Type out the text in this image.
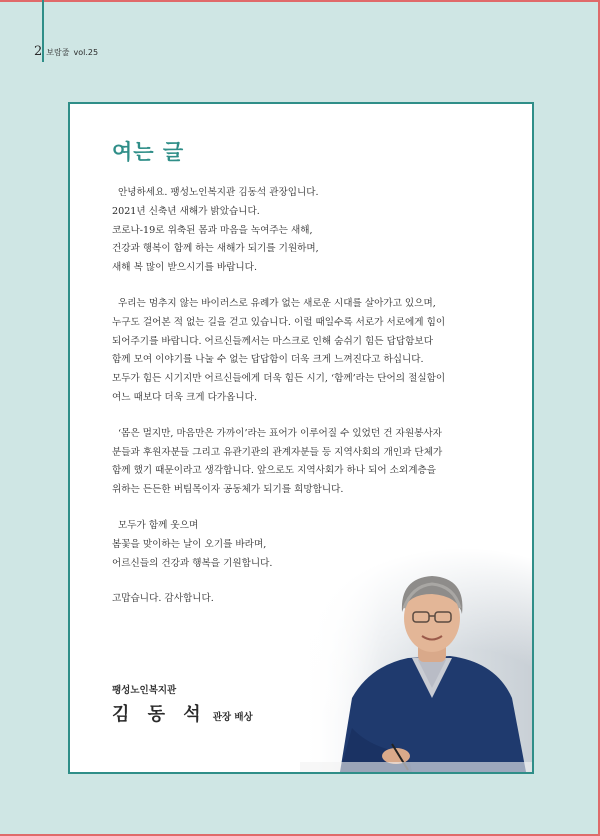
2 보람줄 vol.25
여는 글
안녕하세요. 팽성노인복지관 김동석 관장입니다.
2021년 신축년 새해가 밝았습니다.
코로나-19로 위축된 몸과 마음을 녹여주는 새해,
건강과 행복이 함께 하는 새해가 되기를 기원하며,
새해 복 많이 받으시기를 바랍니다.
우리는 멈추지 않는 바이러스로 유례가 없는 새로운 시대를 살아가고 있으며,
누구도 걸어본 적 없는 길을 걷고 있습니다. 이럴 때일수록 서로가 서로에게 힘이
되어주기를 바랍니다. 어르신들께서는 마스크로 인해 숨쉬기 힘든 답답함보다
함께 모여 이야기를 나눌 수 없는 답답함이 더욱 크게 느껴진다고 하십니다.
모두가 힘든 시기지만 어르신들에게 더욱 힘든 시기, ‘함께’라는 단어의 절실함이
여느 때보다 더욱 크게 다가옵니다.
‘몸은 멀지만, 마음만은 가까이’라는 표어가 이루어질 수 있었던 건 자원봉사자
분들과 후원자분들 그리고 유관기관의 관계자분들 등 지역사회의 개인과 단체가
함께 했기 때문이라고 생각합니다. 앞으로도 지역사회가 하나 되어 소외계층을
위하는 든든한 버팀목이자 공동체가 되기를 희망합니다.
모두가 함께 웃으며
봄꽃을 맞이하는 날이 오기를 바라며,
어르신들의 건강과 행복을 기원합니다.
고맙습니다. 감사합니다.
팽성노인복지관
김 동 석 관장 배상
